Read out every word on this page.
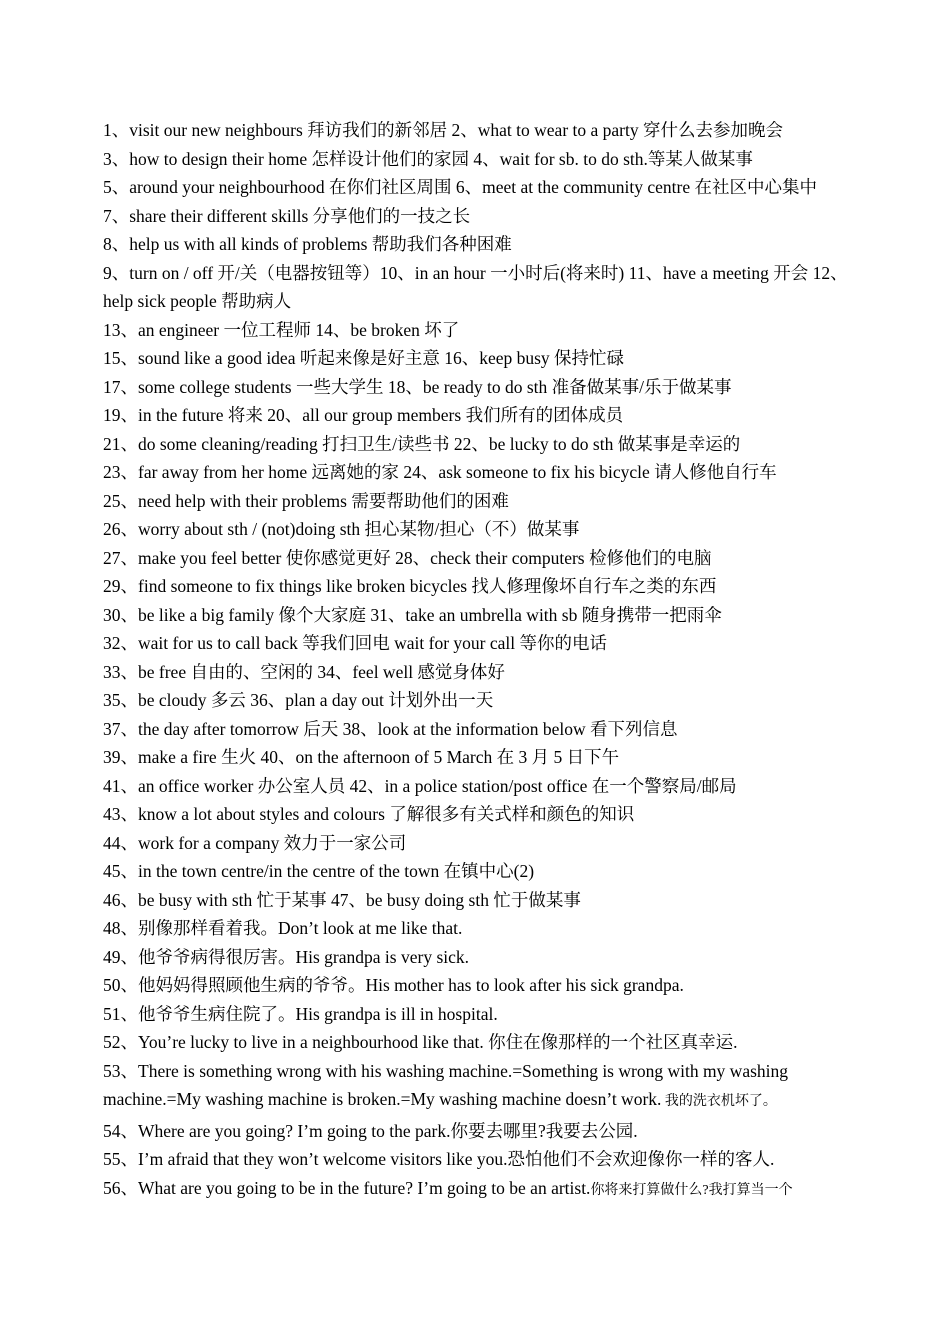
1、visit our new neighbours 拜访我们的新邻居 2、what to wear to a party 穿什么去参加晚会
3、how to design their home 怎样设计他们的家园 4、wait for sb. to do sth.等某人做某事
5、around your neighbourhood 在你们社区周围 6、meet at the community centre 在社区中心集中
7、share their different skills 分享他们的一技之长
8、help us with all kinds of problems 帮助我们各种困难
9、turn on / off 开/关（电器按钮等）10、in an hour 一小时后(将来时) 11、have a meeting 开会 12、help sick people 帮助病人
13、an engineer 一位工程师 14、be broken 坏了
15、sound like a good idea 听起来像是好主意 16、keep busy 保持忙碌
17、some college students 一些大学生 18、be ready to do sth 准备做某事/乐于做某事
19、in the future 将来 20、all our group members 我们所有的团体成员
21、do some cleaning/reading 打扫卫生/读些书 22、be lucky to do sth 做某事是幸运的
23、far away from her home 远离她的家 24、ask someone to fix his bicycle 请人修他自行车
25、need help with their problems 需要帮助他们的困难
26、worry about sth / (not)doing sth 担心某物/担心（不）做某事
27、make you feel better 使你感觉更好 28、check their computers 检修他们的电脑
29、find someone to fix things like broken bicycles 找人修理像坏自行车之类的东西
30、be like a big family 像个大家庭 31、take an umbrella with sb 随身携带一把雨伞
32、wait for us to call back 等我们回电 wait for your call 等你的电话
33、be free 自由的、空闲的 34、feel well 感觉身体好
35、be cloudy 多云 36、plan a day out 计划外出一天
37、the day after tomorrow 后天 38、look at the information below 看下列信息
39、make a fire 生火 40、on the afternoon of 5 March 在 3 月 5 日下午
41、an office worker 办公室人员 42、in a police station/post office 在一个警察局/邮局
43、know a lot about styles and colours 了解很多有关式样和颜色的知识
44、work for a company 效力于一家公司
45、in the town centre/in the centre of the town 在镇中心(2)
46、be busy with sth 忙于某事 47、be busy doing sth 忙于做某事
48、别像那样看着我。Don’t look at me like that.
49、他爷爷病得很厉害。His grandpa is very sick.
50、他妈妈得照顾他生病的爷爷。His mother has to look after his sick grandpa.
51、他爷爷生病住院了。His grandpa is ill in hospital.
52、You’re lucky to live in a neighbourhood like that. 你住在像那样的一个社区真幸运.
53、There is something wrong with his washing machine.=Something is wrong with my washing machine.=My washing machine is broken.=My washing machine doesn’t work. 我的洗衣机坏了。
54、Where are you going? I’m going to the park.你要去哪里?我要去公园.
55、I’m afraid that they won’t welcome visitors like you.恐怕他们不会欢迎像你一样的客人.
56、What are you going to be in the future? I’m going to be an artist.你将来打算做什么?我打算当一个
